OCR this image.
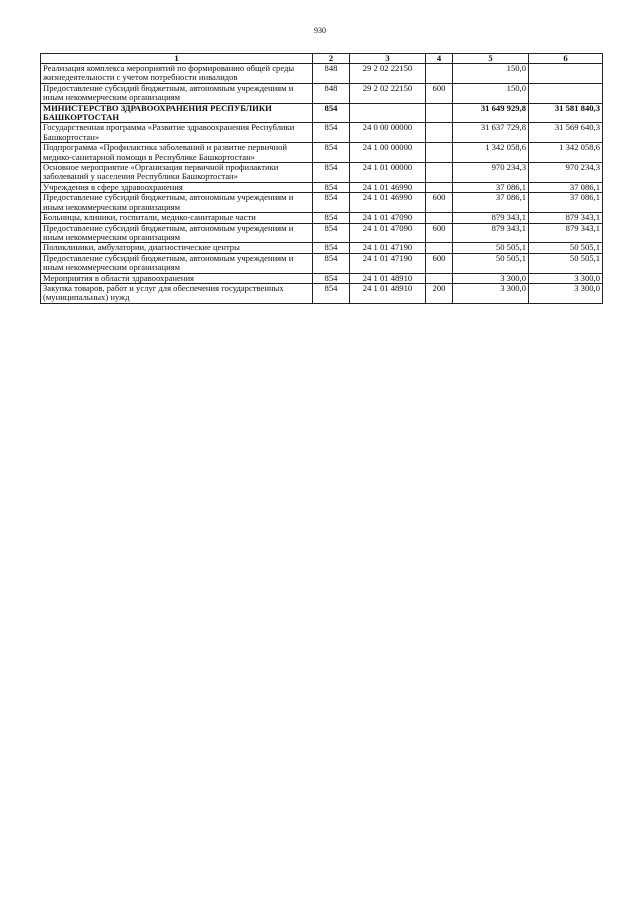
930
1	2	3	4	5	6
Реализация комплекса мероприятий по формированию общей среды жизнедеятельности с учетом потребности инвалидов	848	29 2 02 22150		150,0	
Предоставление субсидий бюджетным, автономным учреждениям и иным некоммерческим организациям	848	29 2 02 22150	600	150,0	
МИНИСТЕРСТВО ЗДРАВООХРАНЕНИЯ РЕСПУБЛИКИ БАШКОРТОСТАН	854			31 649 929,8	31 581 840,3
Государственная программа «Развитие здравоохранения Республики Башкортостан»	854	24 0 00 00000		31 637 729,8	31 569 640,3
Подпрограмма «Профилактика заболеваний и развитие первичной медико-санитарной помощи в Республике Башкортостан»	854	24 1 00 00000		1 342 058,6	1 342 058,6
Основное мероприятие «Организация первичной профилактики заболеваний у населения Республики Башкортостан»	854	24 1 01 00000		970 234,3	970 234,3
Учреждения в сфере здравоохранения	854	24 1 01 46990		37 086,1	37 086,1
Предоставление субсидий бюджетным, автономным учреждениям и иным некоммерческим организациям	854	24 1 01 46990	600	37 086,1	37 086,1
Больницы, клиники, госпитали, медико-санитарные части	854	24 1 01 47090		879 343,1	879 343,1
Предоставление субсидий бюджетным, автономным учреждениям и иным некоммерческим организациям	854	24 1 01 47090	600	879 343,1	879 343,1
Поликлиники, амбулатории, диагностические центры	854	24 1 01 47190		50 505,1	50 505,1
Предоставление субсидий бюджетным, автономным учреждениям и иным некоммерческим организациям	854	24 1 01 47190	600	50 505,1	50 505,1
Мероприятия в области здравоохранения	854	24 1 01 48910		3 300,0	3 300,0
Закупка товаров, работ и услуг для обеспечения государственных (муниципальных) нужд	854	24 1 01 48910	200	3 300,0	3 300,0
